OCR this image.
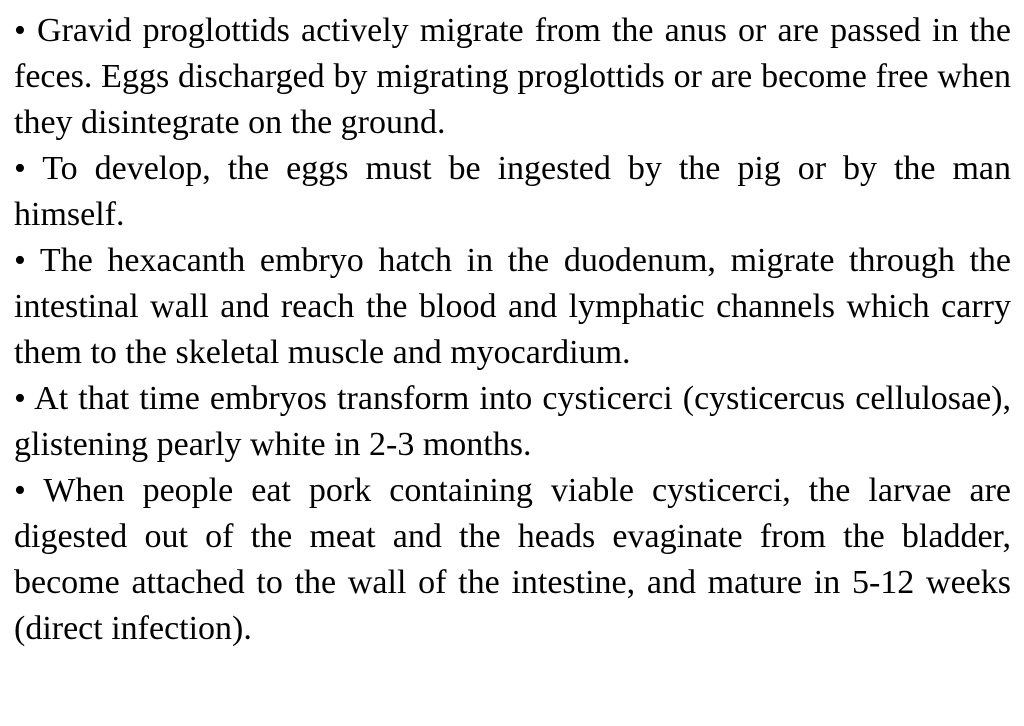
• Gravid proglottids actively migrate from the anus or are passed in the feces. Eggs discharged by migrating proglottids or are become free when they disintegrate on the ground.

• To develop, the eggs must be ingested by the pig or by the man himself.

• The hexacanth embryo hatch in the duodenum, migrate through the intestinal wall and reach the blood and lymphatic channels which carry them to the skeletal muscle and myocardium.

• At that time embryos transform into cysticerci (cysticercus cellulosae), glistening pearly white in 2-3 months.

• When people eat pork containing viable cysticerci, the larvae are digested out of the meat and the heads evaginate from the bladder, become attached to the wall of the intestine, and mature in 5-12 weeks (direct infection).
